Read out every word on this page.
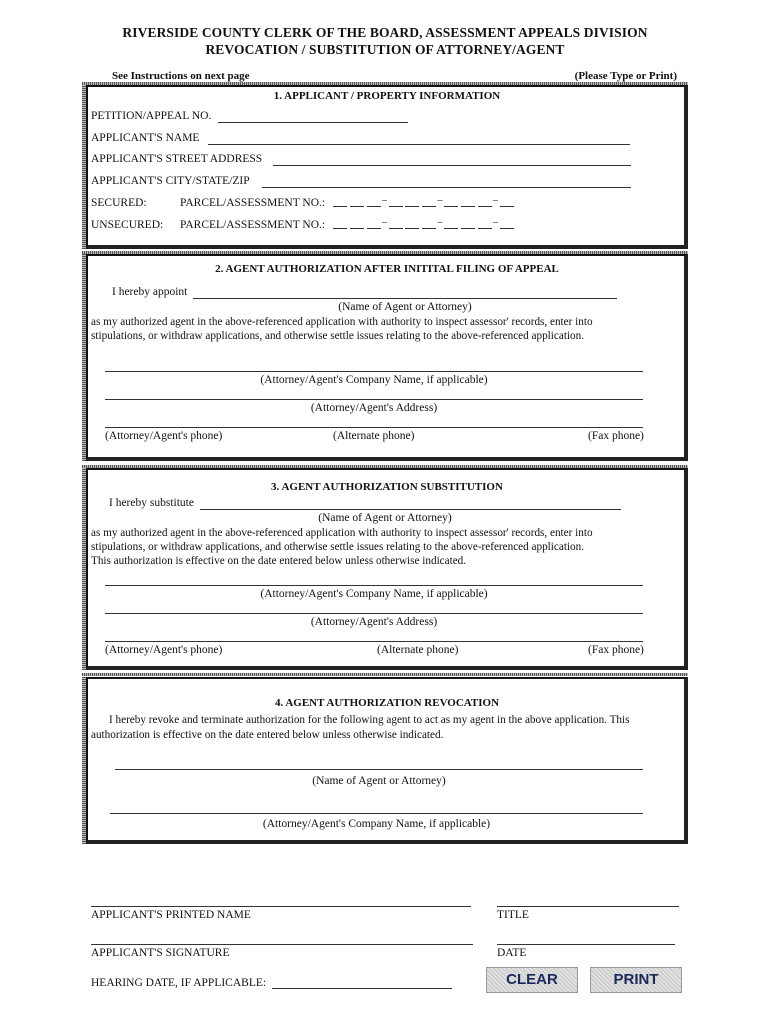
RIVERSIDE COUNTY CLERK OF THE BOARD, ASSESSMENT APPEALS DIVISION
REVOCATION / SUBSTITUTION OF ATTORNEY/AGENT
See Instructions on next page	(Please Type or Print)
1. APPLICANT / PROPERTY INFORMATION
PETITION/APPEAL NO.
APPLICANT'S NAME
APPLICANT'S STREET ADDRESS
APPLICANT'S CITY/STATE/ZIP
SECURED:	PARCEL/ASSESSMENT NO.:	–	–	–
UNSECURED: PARCEL/ASSESSMENT NO.:	–	–	–
2. AGENT AUTHORIZATION AFTER INITITAL FILING OF APPEAL
I hereby appoint
(Name of Agent or Attorney)
as my authorized agent in the above-referenced application with authority to inspect assessor' records, enter into
stipulations, or withdraw applications, and otherwise settle issues relating to the above-referenced application.
(Attorney/Agent's Company Name, if applicable)
(Attorney/Agent's Address)
(Attorney/Agent's phone)	(Alternate phone)	(Fax phone)
3. AGENT AUTHORIZATION SUBSTITUTION
I hereby substitute
(Name of Agent or Attorney)
as my authorized agent in the above-referenced application with authority to inspect assessor' records, enter into
stipulations, or withdraw applications, and otherwise settle issues relating to the above-referenced application.
This authorization is effective on the date entered below unless otherwise indicated.
(Attorney/Agent's Company Name, if applicable)
(Attorney/Agent's Address)
(Attorney/Agent's phone)	(Alternate phone)	(Fax phone)
4. AGENT AUTHORIZATION REVOCATION
I hereby revoke and terminate authorization for the following agent to act as my agent in the above application. This
authorization is effective on the date entered below unless otherwise indicated.
(Name of Agent or Attorney)
(Attorney/Agent's Company Name, if applicable)
APPLICANT'S PRINTED NAME	TITLE
APPLICANT'S SIGNATURE	DATE
HEARING DATE, IF APPLICABLE:	CLEAR	PRINT
